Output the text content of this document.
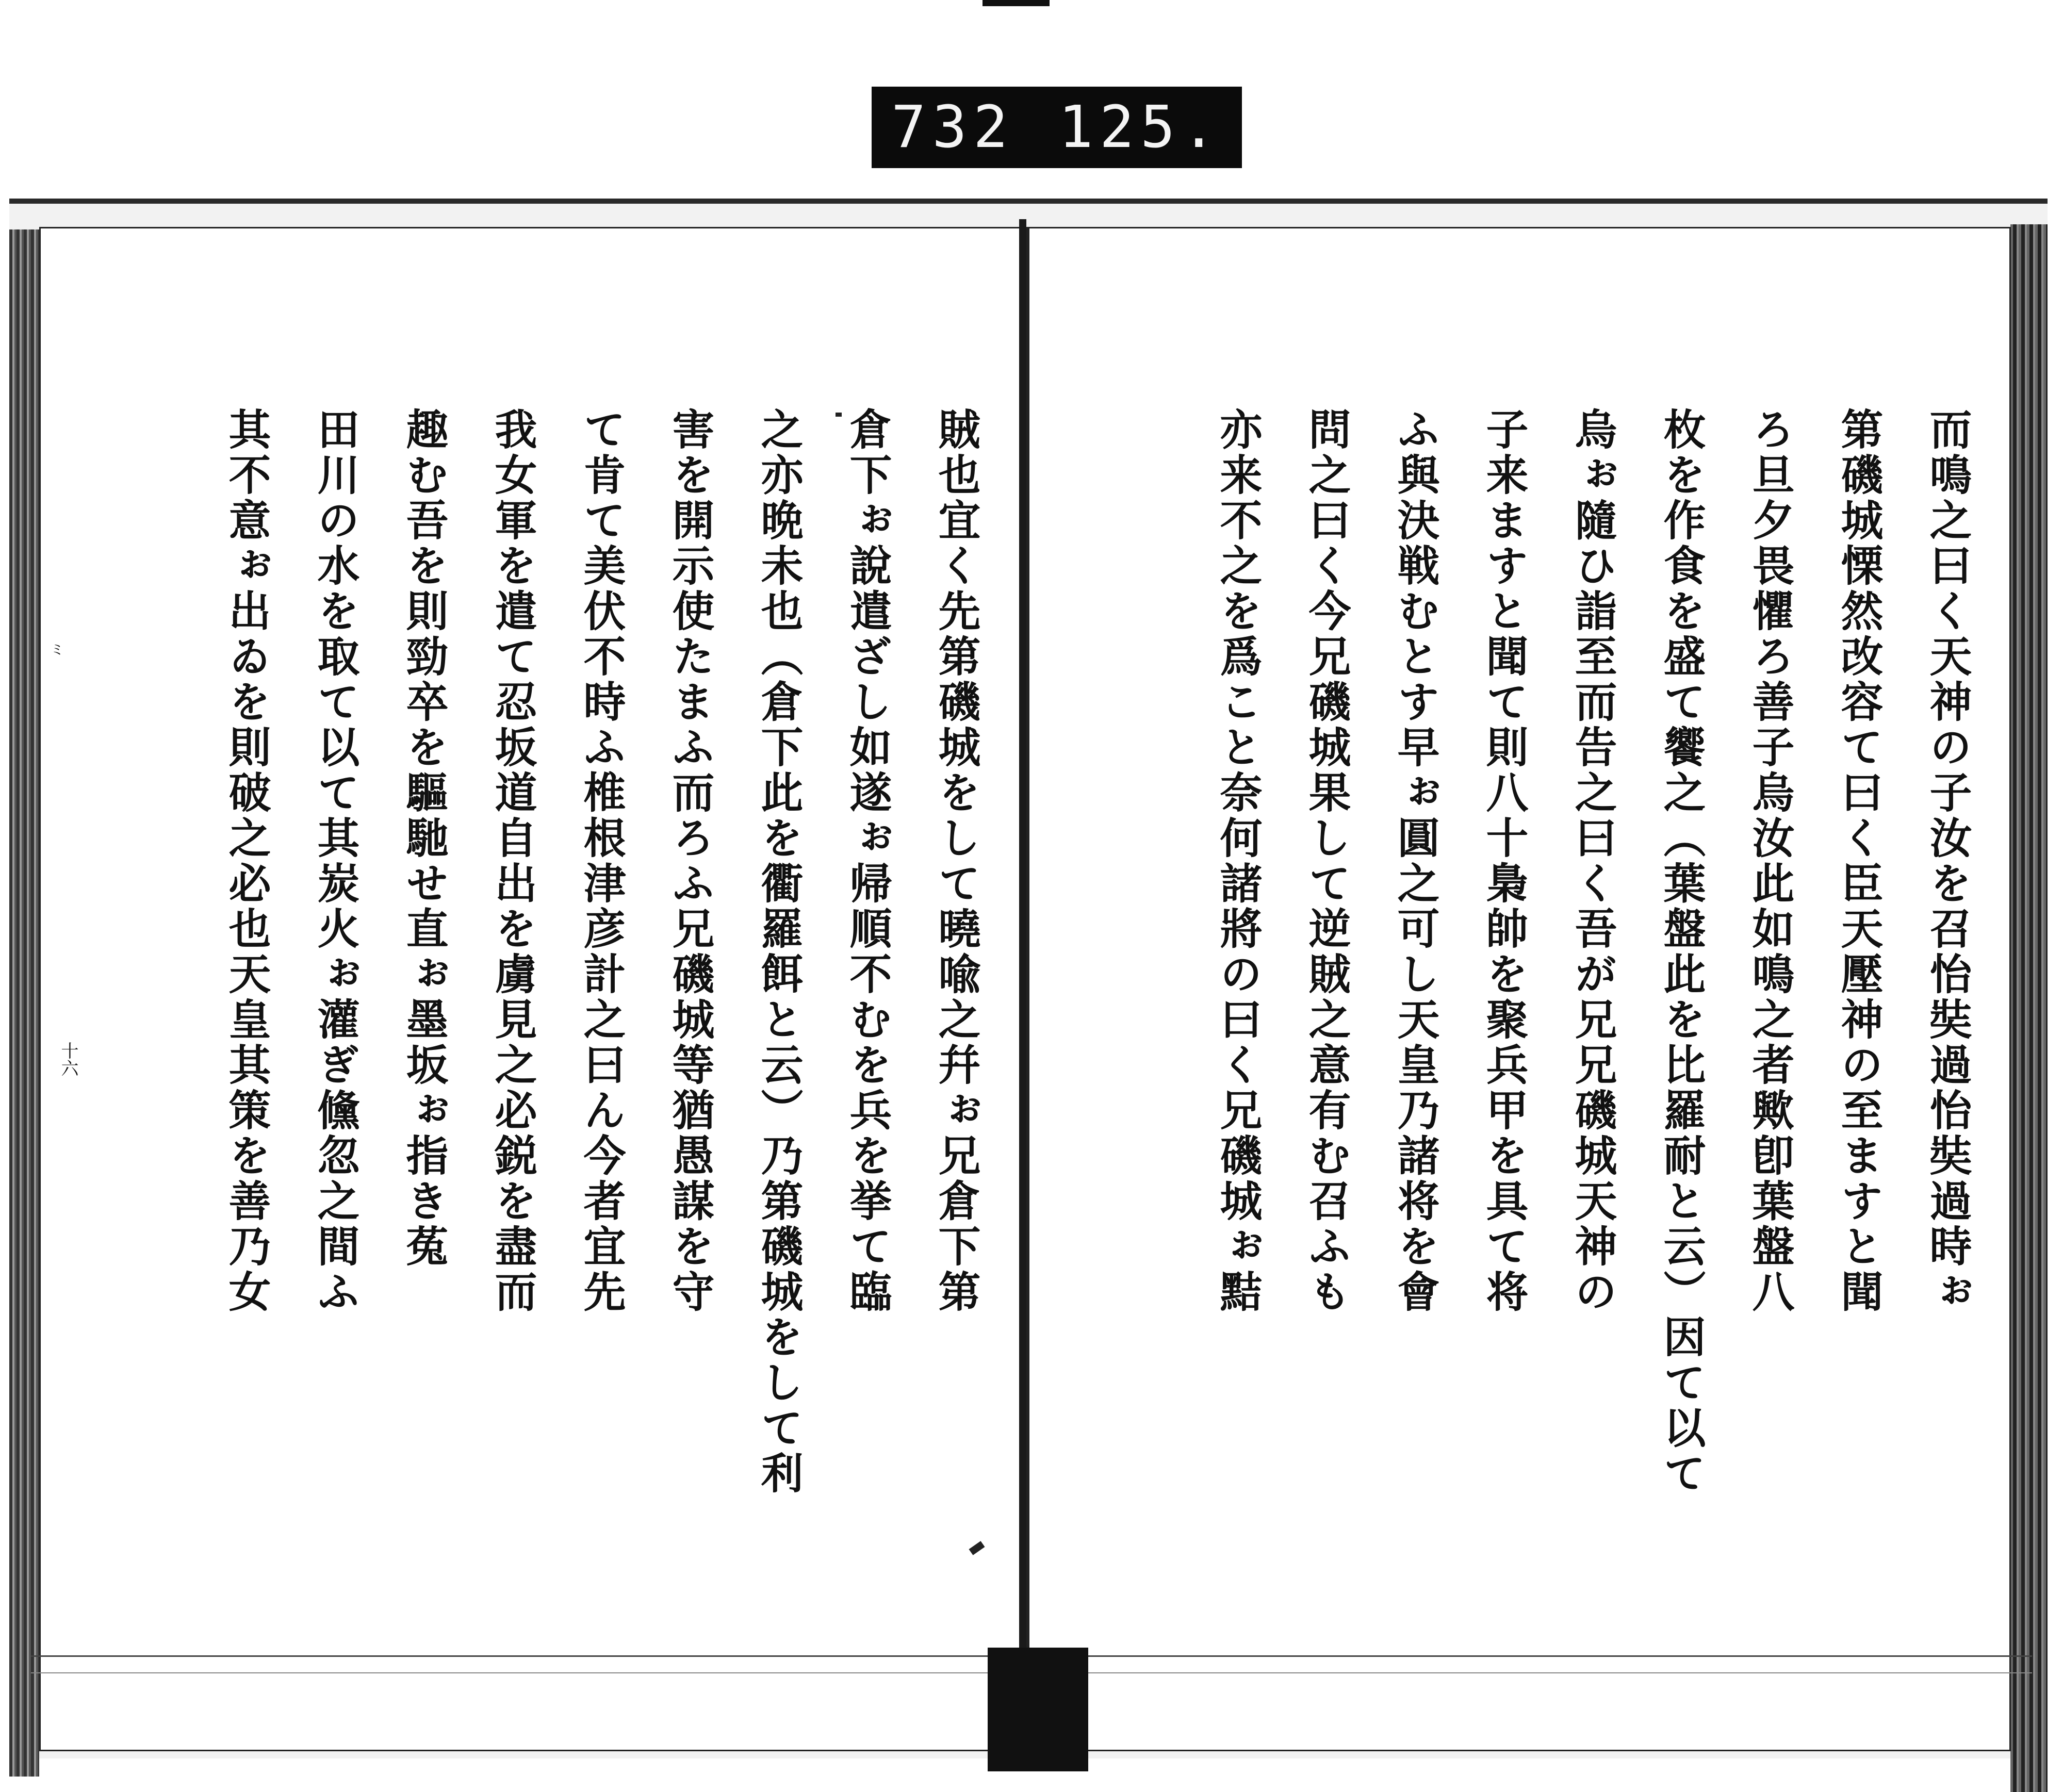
732 125.
而鳴之曰く天神の子汝を召怡奘過怡奘過時ぉ
第磯城慄然改容て曰く臣天壓神の至ますと聞
ろ旦夕畏懼ろ善子烏汝此如鳴之者歟卽葉盤八
枚を作食を盛て饗之（葉盤此を比羅耐と云）因て以て
烏ぉ隨ひ詣至而告之曰く吾が兄兄磯城天神の
子来ますと聞て則八十梟帥を聚兵甲を具て将
ふ與決戦むとす早ぉ圓之可し天皇乃諸将を會
問之曰く今兄磯城果して逆賊之意有む召ふも
亦来不之を爲こと奈何諸將の曰く兄磯城ぉ黠
賊也宜く先第磯城をして曉喩之幷ぉ兄倉下第
倉下ぉ說遣ざし如遂ぉ帰順不むを兵を挙て臨
之亦晩未也（倉下此を衢羅餌と云）乃第磯城をして利
害を開示使たまふ而ろふ兄磯城等猶愚謀を守
て肯て美伏不時ふ椎根津彦計之曰ん今者宜先
我女軍を遣て忍坂道自出を虜見之必鋭を盡而
趣む吾を則勁卒を驅馳せ直ぉ墨坂ぉ指き菟
田川の水を取て以て其炭火ぉ灌ぎ儵忽之間ふ
其不意ぉ出ゐを則破之必也天皇其策を善乃女
ミ
十六
